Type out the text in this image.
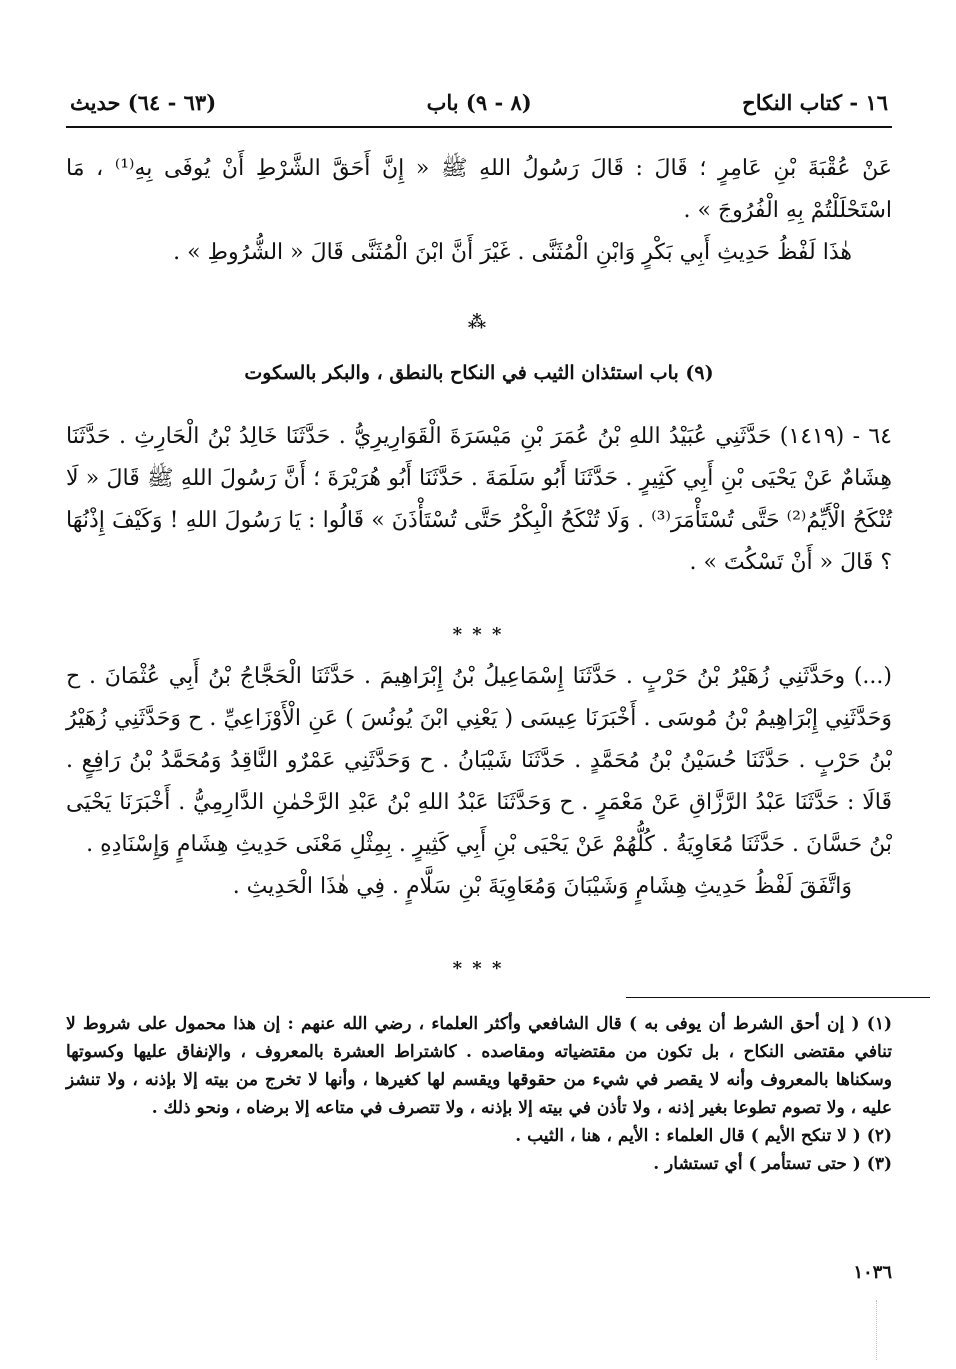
١٦ - كتاب النكاح
(٨ - ٩) باب
(٦٣ - ٦٤) حديث

عَنْ عُقْبَةَ بْنِ عَامِرٍ ؛ قَالَ : قَالَ رَسُولُ اللهِ ﷺ « إِنَّ أَحَقَّ الشَّرْطِ أَنْ يُوفَى بِهِ⁽¹⁾ ، مَا اسْتَحْلَلْتُمْ بِهِ الْفُرُوجَ » .

هٰذَا لَفْظُ حَدِيثِ أَبِي بَكْرٍ وَابْنِ الْمُثَنَّى . غَيْرَ أَنَّ ابْنَ الْمُثَنَّى قَالَ « الشُّرُوطِ » .

⁂
(٩) باب استئذان الثيب في النكاح بالنطق ، والبكر بالسكوت

٦٤ - (١٤١٩) حَدَّثَنِي عُبَيْدُ اللهِ بْنُ عُمَرَ بْنِ مَيْسَرَةَ الْقَوَارِيرِيُّ . حَدَّثَنَا خَالِدُ بْنُ الْحَارِثِ . حَدَّثَنَا هِشَامٌ عَنْ يَحْيَى بْنِ أَبِي كَثِيرٍ . حَدَّثَنَا أَبُو سَلَمَةَ . حَدَّثَنَا أَبُو هُرَيْرَةَ ؛ أَنَّ رَسُولَ اللهِ ﷺ قَالَ « لَا تُنْكَحُ الْأَيِّمُ⁽²⁾ حَتَّى تُسْتَأْمَرَ⁽³⁾ . وَلَا تُنْكَحُ الْبِكْرُ حَتَّى تُسْتَأْذَنَ » قَالُوا : يَا رَسُولَ اللهِ ! وَكَيْفَ إِذْنُهَا ؟ قَالَ « أَنْ تَسْكُتَ » .

* * *

(...) وحَدَّثَنِي زُهَيْرُ بْنُ حَرْبٍ . حَدَّثَنَا إِسْمَاعِيلُ بْنُ إِبْرَاهِيمَ . حَدَّثَنَا الْحَجَّاجُ بْنُ أَبِي عُثْمَانَ . ح وَحَدَّثَنِي إِبْرَاهِيمُ بْنُ مُوسَى . أَخْبَرَنَا عِيسَى ( يَعْنِي ابْنَ يُونُسَ ) عَنِ الْأَوْزَاعِيِّ . ح وَحَدَّثَنِي زُهَيْرُ بْنُ حَرْبٍ . حَدَّثَنَا حُسَيْنُ بْنُ مُحَمَّدٍ . حَدَّثَنَا شَيْبَانُ . ح وَحَدَّثَنِي عَمْرٌو النَّاقِدُ وَمُحَمَّدُ بْنُ رَافِعٍ . قَالَا : حَدَّثَنَا عَبْدُ الرَّزَّاقِ عَنْ مَعْمَرٍ . ح وَحَدَّثَنَا عَبْدُ اللهِ بْنُ عَبْدِ الرَّحْمٰنِ الدَّارِمِيُّ . أَخْبَرَنَا يَحْيَى بْنُ حَسَّانَ . حَدَّثَنَا مُعَاوِيَةُ . كُلُّهُمْ عَنْ يَحْيَى بْنِ أَبِي كَثِيرٍ . بِمِثْلِ مَعْنَى حَدِيثِ هِشَامٍ وَإِسْنَادِهِ .

وَاتَّفَقَ لَفْظُ حَدِيثِ هِشَامٍ وَشَيْبَانَ وَمُعَاوِيَةَ بْنِ سَلَّامٍ . فِي هٰذَا الْحَدِيثِ .

* * *

(١) ( إن أحق الشرط أن يوفى به ) قال الشافعي وأكثر العلماء ، رضي الله عنهم : إن هذا محمول على شروط لا تنافي مقتضى النكاح ، بل تكون من مقتضياته ومقاصده . كاشتراط العشرة بالمعروف ، والإنفاق عليها وكسوتها وسكناها بالمعروف وأنه لا يقصر في شيء من حقوقها ويقسم لها كغيرها ، وأنها لا تخرج من بيته إلا بإذنه ، ولا تنشز عليه ، ولا تصوم تطوعا بغير إذنه ، ولا تأذن في بيته إلا بإذنه ، ولا تتصرف في متاعه إلا برضاه ، ونحو ذلك .

(٢) ( لا تنكح الأيم ) قال العلماء : الأيم ، هنا ، الثيب .

(٣) ( حتى تستأمر ) أي تستشار .

١٠٣٦
